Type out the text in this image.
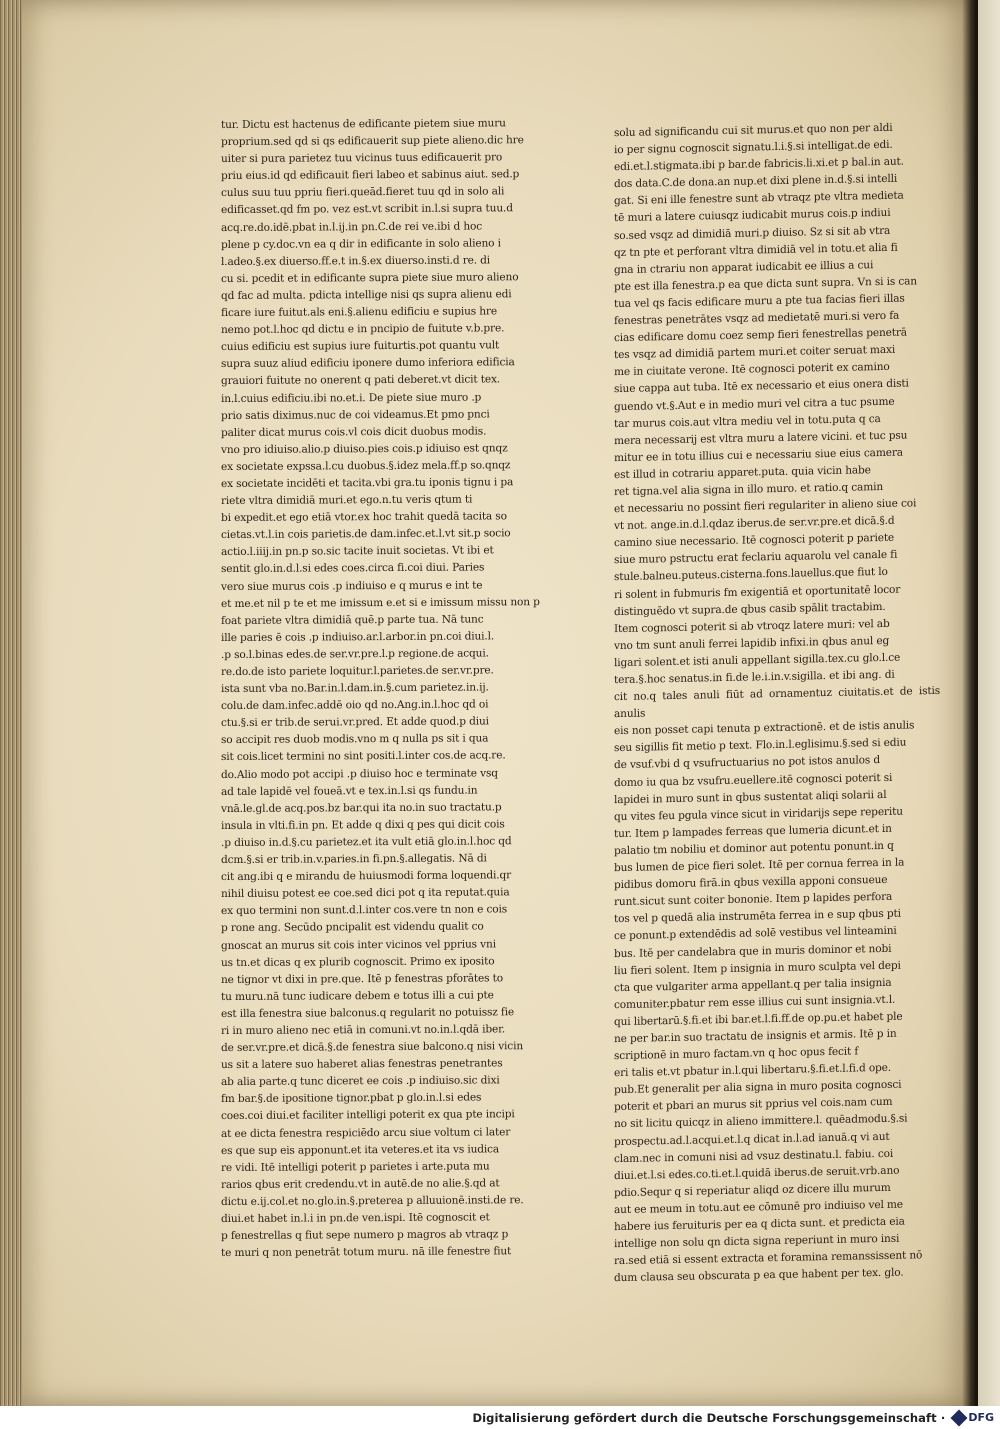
tur. Dictu est hactenus de edificante pietem siue muru

proprium.sed qd si qs edificauerit sup piete alieno.dic hre

uiter si pura parietez tuu vicinus tuus edificauerit pro

priu eius.id qd edificauit fieri labeo et sabinus aiut. sed.p

culus suu tuu ppriu fieri.queād.fieret tuu qd in solo ali

edificasset.qd fm po. vez est.vt scribit in.l.si supra tuu.d

acq.re.do.idē.pbat in.l.ij.in pn.C.de rei ve.ibi d hoc

plene p cy.doc.vn ea q dir in edificante in solo alieno i

l.adeo.§.ex diuerso.ff.e.t in.§.ex diuerso.insti.d re. di

cu si. pcedit et in edificante supra piete siue muro alieno

qd fac ad multa. pdicta intellige nisi qs supra alienu edi

ficare iure fuitut.als eni.§.alienu edificiu e supius hre

nemo pot.l.hoc qd dictu e in pncipio de fuitute v.b.pre.

cuius edificiu est supius iure fuiturtis.pot quantu vult

supra suuz aliud edificiu iponere dumo inferiora edificia

grauiori fuitute no onerent q pati deberet.vt dicit tex.

in.l.cuius edificiu.ibi no.et.i. De piete siue muro .p

prio satis diximus.nuc de coi videamus.Et pmo pnci

paliter dicat murus cois.vl cois dicit duobus modis.

vno pro idiuiso.alio.p diuiso.pies cois.p idiuiso est qnqz

ex societate expssa.l.cu duobus.§.idez mela.ff.p so.qnqz

ex societate incidēti et tacita.vbi gra.tu iponis tignu i pa

riete vltra dimidiā muri.et ego.n.tu veris qtum ti

bi expedit.et ego etiā vtor.ex hoc trahit quedā tacita so

cietas.vt.l.in cois parietis.de dam.infec.et.l.vt sit.p socio

actio.l.iiij.in pn.p so.sic tacite inuit societas. Vt ibi et

sentit glo.in.d.l.si edes coes.circa fi.coi diui. Paries

vero siue murus cois .p indiuiso e q murus e int te

et me.et nil p te et me imissum e.et si e imissum missu non p

foat pariete vltra dimidiā quē.p parte tua. Nā tunc

ille paries ē cois .p indiuiso.ar.l.arbor.in pn.coi diui.l.

.p so.l.binas edes.de ser.vr.pre.l.p regione.de acqui.

re.do.de isto pariete loquitur.l.parietes.de ser.vr.pre.

ista sunt vba no.Bar.in.l.dam.in.§.cum parietez.in.ij.

colu.de dam.infec.addē oio qd no.Ang.in.l.hoc qd oi

ctu.§.si er trib.de serui.vr.pred. Et adde quod.p diui

so accipit res duob modis.vno m q nulla ps sit i qua

sit cois.licet termini no sint positi.l.inter cos.de acq.re.

do.Alio modo pot accipi .p diuiso hoc e terminate vsq

ad tale lapidē vel foueā.vt e tex.in.l.si qs fundu.in

vnā.le.gl.de acq.pos.bz bar.qui ita no.in suo tractatu.p

insula in vlti.fi.in pn. Et adde q dixi q pes qui dicit cois

.p diuiso in.d.§.cu parietez.et ita vult etiā glo.in.l.hoc qd

dcm.§.si er trib.in.v.paries.in fi.pn.§.allegatis. Nā di

cit ang.ibi q e mirandu de huiusmodi forma loquendi.qr

nihil diuisu potest ee coe.sed dici pot q ita reputat.quia

ex quo termini non sunt.d.l.inter cos.vere tn non e cois

p rone ang. Secūdo pncipalit est videndu qualit co

gnoscat an murus sit cois inter vicinos vel pprius vni

us tn.et dicas q ex plurib cognoscit. Primo ex iposito

ne tignor vt dixi in pre.que. Itē p fenestras pforātes to

tu muru.nā tunc iudicare debem e totus illi a cui pte

est illa fenestra siue balconus.q regularit no potuissz fie

ri in muro alieno nec etiā in comuni.vt no.in.l.qdā iber.

de ser.vr.pre.et dicā.§.de fenestra siue balcono.q nisi vicin

us sit a latere suo haberet alias fenestras penetrantes

ab alia parte.q tunc diceret ee cois .p indiuiso.sic dixi

fm bar.§.de ipositione tignor.pbat p glo.in.l.si edes

coes.coi diui.et faciliter intelligi poterit ex qua pte incipi

at ee dicta fenestra respiciēdo arcu siue voltum ci later

es que sup eis apponunt.et ita veteres.et ita vs iudica

re vidi. Itē intelligi poterit p parietes i arte.puta mu

rarios qbus erit credendu.vt in autē.de no alie.§.qd at

dictu e.ij.col.et no.glo.in.§.preterea p alluuionē.insti.de re.

diui.et habet in.l.i in pn.de ven.ispi. Itē cognoscit et

p fenestrellas q fiut sepe numero p magros ab vtraqz p

te muri q non penetrāt totum muru. nā ille fenestre fiut

solu ad significandu cui sit murus.et quo non per aldi

io per signu cognoscit signatu.l.i.§.si intelligat.de edi.

edi.et.l.stigmata.ibi p bar.de fabricis.li.xi.et p bal.in aut.

dos data.C.de dona.an nup.et dixi plene in.d.§.si intelli

gat. Si eni ille fenestre sunt ab vtraqz pte vltra medieta

tē muri a latere cuiusqz iudicabit murus cois.p indiui

so.sed vsqz ad dimidiā muri.p diuiso. Sz si sit ab vtra

qz tn pte et perforant vltra dimidiā vel in totu.et alia fi

gna in ctrariu non apparat iudicabit ee illius a cui

pte est illa fenestra.p ea que dicta sunt supra. Vn si is can

tua vel qs facis edificare muru a pte tua facias fieri illas

fenestras penetrātes vsqz ad medietatē muri.si vero fa

cias edificare domu coez semp fieri fenestrellas penetrā

tes vsqz ad dimidiā partem muri.et coiter seruat maxi

me in ciuitate verone. Itē cognosci poterit ex camino

siue cappa aut tuba. Itē ex necessario et eius onera disti

guendo vt.§.Aut e in medio muri vel citra a tuc psume

tar murus cois.aut vltra mediu vel in totu.puta q ca

mera necessarij est vltra muru a latere vicini. et tuc psu

mitur ee in totu illius cui e necessariu siue eius camera

est illud in cotrariu apparet.puta. quia vicin habe

ret tigna.vel alia signa in illo muro. et ratio.q camin

et necessariu no possint fieri regulariter in alieno siue coi

vt not. ange.in.d.l.qdaz iberus.de ser.vr.pre.et dicā.§.d

camino siue necessario. Itē cognosci poterit p pariete

siue muro pstructu erat feclariu aquarolu vel canale fi

stule.balneu.puteus.cisterna.fons.lauellus.que fiut lo

ri solent in fubmuris fm exigentiā et oportunitatē locor

distinguēdo vt supra.de qbus casib spālit tractabim.

Item cognosci poterit si ab vtroqz latere muri: vel ab

vno tm sunt anuli ferrei lapidib infixi.in qbus anul eg

ligari solent.et isti anuli appellant sigilla.tex.cu glo.l.ce

tera.§.hoc senatus.in fi.de le.i.in.v.sigilla. et ibi ang. di

cit no.q tales anuli fiūt ad ornamentuz ciuitatis.et de istis anulis

eis non posset capi tenuta p extractionē. et de istis anulis

seu sigillis fit metio p text. Flo.in.l.eglisimu.§.sed si ediu

de vsuf.vbi d q vsufructuarius no pot istos anulos d

domo iu qua bz vsufru.euellere.itē cognosci poterit si

lapidei in muro sunt in qbus sustentat aliqi solarii al

qu vites feu pgula vince sicut in viridarijs sepe reperitu

tur. Item p lampades ferreas que lumeria dicunt.et in

palatio tm nobiliu et dominor aut potentu ponunt.in q

bus lumen de pice fieri solet. Itē per cornua ferrea in la

pidibus domoru firā.in qbus vexilla apponi consueue

runt.sicut sunt coiter bononie. Item p lapides perfora

tos vel p quedā alia instrumēta ferrea in e sup qbus pti

ce ponunt.p extendēdis ad solē vestibus vel linteamini

bus. Itē per candelabra que in muris dominor et nobi

liu fieri solent. Item p insignia in muro sculpta vel depi

cta que vulgariter arma appellant.q per talia insignia

comuniter.pbatur rem esse illius cui sunt insignia.vt.l.

qui libertarū.§.fi.et ibi bar.et.l.fi.ff.de op.pu.et habet ple

ne per bar.in suo tractatu de insignis et armis. Itē p in

scriptionē in muro factam.vn q hoc opus fecit f

eri talis et.vt pbatur in.l.qui libertaru.§.fi.et.l.fi.d ope.

pub.Et generalit per alia signa in muro posita cognosci

poterit et pbari an murus sit pprius vel cois.nam cum

no sit licitu quicqz in alieno immittere.l. quēadmodu.§.si

prospectu.ad.l.acqui.et.l.q dicat in.l.ad ianuā.q vi aut

clam.nec in comuni nisi ad vsuz destinatu.l. fabiu. coi

diui.et.l.si edes.co.ti.et.l.quidā iberus.de seruit.vrb.ano

pdio.Sequr q si reperiatur aliqd oz dicere illu murum

aut ee meum in totu.aut ee cōmunē pro indiuiso vel me

habere ius feruituris per ea q dicta sunt. et predicta eia

intellige non solu qn dicta signa reperiunt in muro insi

ra.sed etiā si essent extracta et foramina remanssissent nō

dum clausa seu obscurata p ea que habent per tex. glo.

Digitalisierung gefördert durch die Deutsche Forschungsgemeinschaft · DFG
